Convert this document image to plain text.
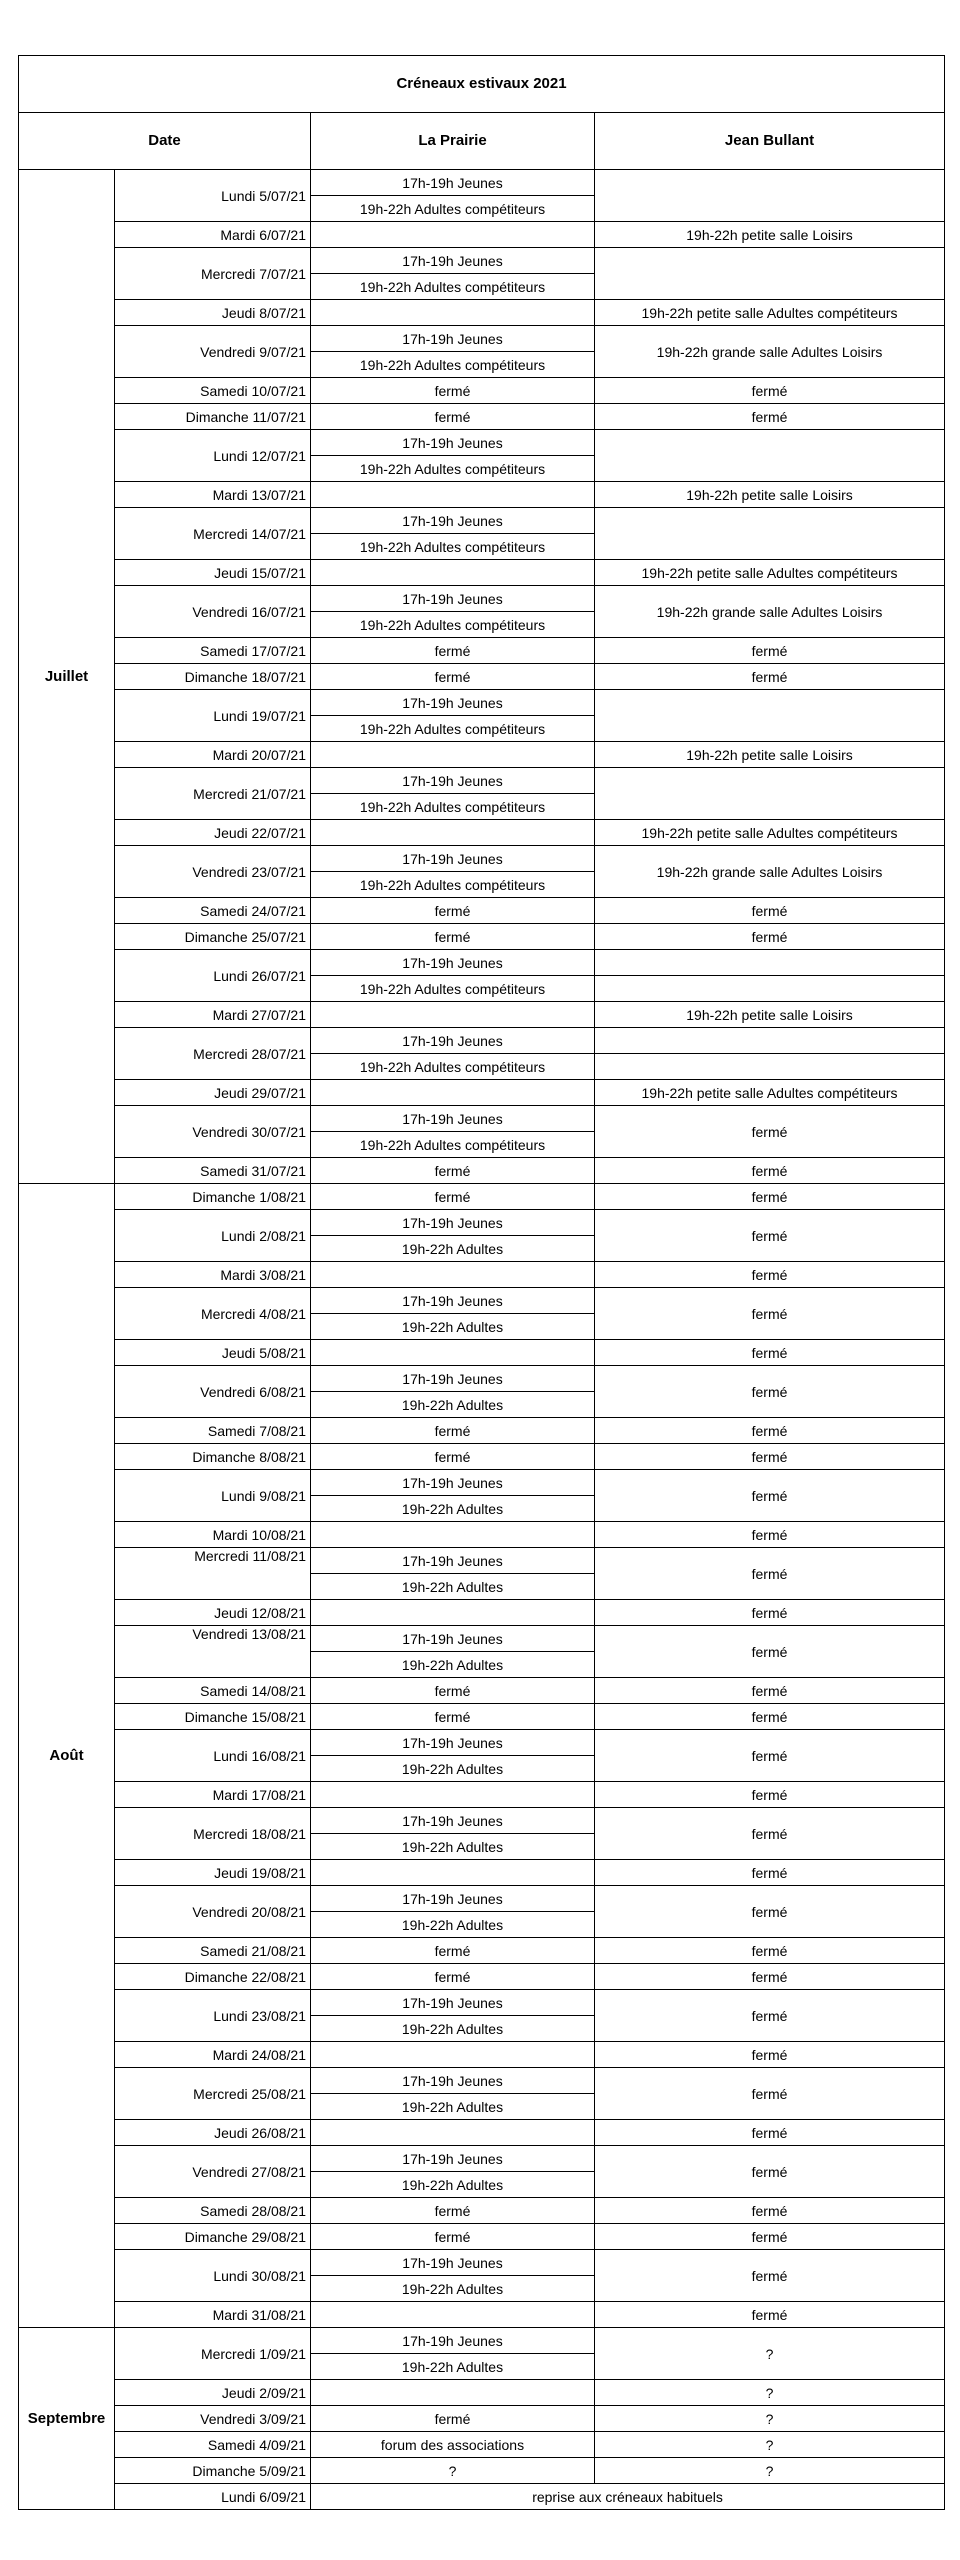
Créneaux estivaux 2021			
Date		La Prairie	Jean Bullant
Juillet	Lundi 5/07/21	17h-19h Jeunes	
		19h-22h Adultes compétiteurs	
	Mardi 6/07/21		19h-22h petite salle Loisirs
	Mercredi 7/07/21	17h-19h Jeunes	
		19h-22h Adultes compétiteurs	
	Jeudi 8/07/21		19h-22h petite salle Adultes compétiteurs
	Vendredi 9/07/21	17h-19h Jeunes	19h-22h grande salle Adultes Loisirs
		19h-22h Adultes compétiteurs	
	Samedi 10/07/21	fermé	fermé
	Dimanche 11/07/21	fermé	fermé
	Lundi 12/07/21	17h-19h Jeunes	
		19h-22h Adultes compétiteurs	
	Mardi 13/07/21		19h-22h petite salle Loisirs
	Mercredi 14/07/21	17h-19h Jeunes	
		19h-22h Adultes compétiteurs	
	Jeudi 15/07/21		19h-22h petite salle Adultes compétiteurs
	Vendredi 16/07/21	17h-19h Jeunes	19h-22h grande salle Adultes Loisirs
		19h-22h Adultes compétiteurs	
	Samedi 17/07/21	fermé	fermé
	Dimanche 18/07/21	fermé	fermé
	Lundi 19/07/21	17h-19h Jeunes	
		19h-22h Adultes compétiteurs	
	Mardi 20/07/21		19h-22h petite salle Loisirs
	Mercredi 21/07/21	17h-19h Jeunes	
		19h-22h Adultes compétiteurs	
	Jeudi 22/07/21		19h-22h petite salle Adultes compétiteurs
	Vendredi 23/07/21	17h-19h Jeunes	19h-22h grande salle Adultes Loisirs
		19h-22h Adultes compétiteurs	
	Samedi 24/07/21	fermé	fermé
	Dimanche 25/07/21	fermé	fermé
	Lundi 26/07/21	17h-19h Jeunes	
		19h-22h Adultes compétiteurs	
	Mardi 27/07/21		19h-22h petite salle Loisirs
	Mercredi 28/07/21	17h-19h Jeunes	
		19h-22h Adultes compétiteurs	
	Jeudi 29/07/21		19h-22h petite salle Adultes compétiteurs
	Vendredi 30/07/21	17h-19h Jeunes	fermé
		19h-22h Adultes compétiteurs	
	Samedi 31/07/21	fermé	fermé
Août	Dimanche 1/08/21	fermé	fermé
	Lundi 2/08/21	17h-19h Jeunes	fermé
		19h-22h Adultes	
	Mardi 3/08/21		fermé
	Mercredi 4/08/21	17h-19h Jeunes	fermé
		19h-22h Adultes	
	Jeudi 5/08/21		fermé
	Vendredi 6/08/21	17h-19h Jeunes	fermé
		19h-22h Adultes	
	Samedi 7/08/21	fermé	fermé
	Dimanche 8/08/21	fermé	fermé
	Lundi 9/08/21	17h-19h Jeunes	fermé
		19h-22h Adultes	
	Mardi 10/08/21		fermé
	Mercredi 11/08/21	17h-19h Jeunes	fermé
		19h-22h Adultes	
	Jeudi 12/08/21		fermé
	Vendredi 13/08/21	17h-19h Jeunes	fermé
		19h-22h Adultes	
	Samedi 14/08/21	fermé	fermé
	Dimanche 15/08/21	fermé	fermé
	Lundi 16/08/21	17h-19h Jeunes	fermé
		19h-22h Adultes	
	Mardi 17/08/21		fermé
	Mercredi 18/08/21	17h-19h Jeunes	fermé
		19h-22h Adultes	
	Jeudi 19/08/21		fermé
	Vendredi 20/08/21	17h-19h Jeunes	fermé
		19h-22h Adultes	
	Samedi 21/08/21	fermé	fermé
	Dimanche 22/08/21	fermé	fermé
	Lundi 23/08/21	17h-19h Jeunes	fermé
		19h-22h Adultes	
	Mardi 24/08/21		fermé
	Mercredi 25/08/21	17h-19h Jeunes	fermé
		19h-22h Adultes	
	Jeudi 26/08/21		fermé
	Vendredi 27/08/21	17h-19h Jeunes	fermé
		19h-22h Adultes	
	Samedi 28/08/21	fermé	fermé
	Dimanche 29/08/21	fermé	fermé
	Lundi 30/08/21	17h-19h Jeunes	fermé
		19h-22h Adultes	
	Mardi 31/08/21		fermé
Septembre	Mercredi 1/09/21	17h-19h Jeunes	?
		19h-22h Adultes	
	Jeudi 2/09/21		?
	Vendredi 3/09/21	fermé	?
	Samedi 4/09/21	forum des associations	?
	Dimanche 5/09/21	?	?
	Lundi 6/09/21	reprise aux créneaux habituels	
